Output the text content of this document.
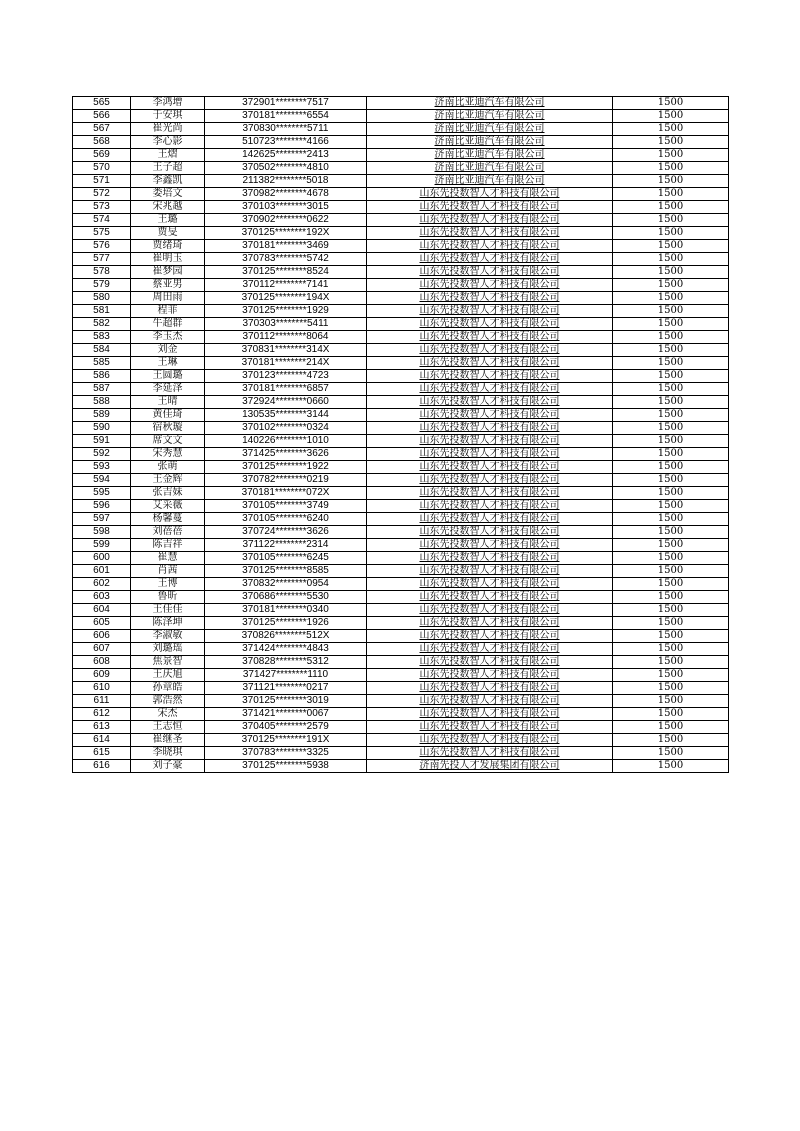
565	李鸿增	372901********7517	济南比亚迪汽车有限公司	1500
566	于安琪	370181********6554	济南比亚迪汽车有限公司	1500
567	崔光尚	370830********5711	济南比亚迪汽车有限公司	1500
568	李心影	510723********4166	济南比亚迪汽车有限公司	1500
569	王熠	142625********2413	济南比亚迪汽车有限公司	1500
570	王子超	370502********4810	济南比亚迪汽车有限公司	1500
571	李鑫凯	211382********5018	济南比亚迪汽车有限公司	1500
572	娄培文	370982********4678	山东先投数智人才科技有限公司	1500
573	宋兆越	370103********3015	山东先投数智人才科技有限公司	1500
574	王璐	370902********0622	山东先投数智人才科技有限公司	1500
575	贾旻	370125********192X	山东先投数智人才科技有限公司	1500
576	贾绪琦	370181********3469	山东先投数智人才科技有限公司	1500
577	崔明玉	370783********5742	山东先投数智人才科技有限公司	1500
578	崔梦园	370125********8524	山东先投数智人才科技有限公司	1500
579	蔡亚男	370112********7141	山东先投数智人才科技有限公司	1500
580	周田雨	370125********194X	山东先投数智人才科技有限公司	1500
581	程菲	370125********1929	山东先投数智人才科技有限公司	1500
582	牛超群	370303********5411	山东先投数智人才科技有限公司	1500
583	李玉杰	370112********8064	山东先投数智人才科技有限公司	1500
584	刘金	370831********314X	山东先投数智人才科技有限公司	1500
585	王琳	370181********214X	山东先投数智人才科技有限公司	1500
586	王圆璐	370123********4723	山东先投数智人才科技有限公司	1500
587	李延泽	370181********6857	山东先投数智人才科技有限公司	1500
588	王晴	372924********0660	山东先投数智人才科技有限公司	1500
589	黄佳琦	130535********3144	山东先投数智人才科技有限公司	1500
590	宿秋璇	370102********0324	山东先投数智人才科技有限公司	1500
591	席文文	140226********1010	山东先投数智人才科技有限公司	1500
592	宋秀慧	371425********3626	山东先投数智人才科技有限公司	1500
593	张萌	370125********1922	山东先投数智人才科技有限公司	1500
594	王金辉	370782********0219	山东先投数智人才科技有限公司	1500
595	张吉妹	370181********072X	山东先投数智人才科技有限公司	1500
596	艾采薇	370105********3749	山东先投数智人才科技有限公司	1500
597	杨馨蔓	370105********6240	山东先投数智人才科技有限公司	1500
598	刘蓓蓓	370724********3626	山东先投数智人才科技有限公司	1500
599	陈吉祥	371122********2314	山东先投数智人才科技有限公司	1500
600	崔慧	370105********6245	山东先投数智人才科技有限公司	1500
601	肖茜	370125********8585	山东先投数智人才科技有限公司	1500
602	王博	370832********0954	山东先投数智人才科技有限公司	1500
603	鲁昕	370686********5530	山东先投数智人才科技有限公司	1500
604	王佳佳	370181********0340	山东先投数智人才科技有限公司	1500
605	陈泽坤	370125********1926	山东先投数智人才科技有限公司	1500
606	李淑敏	370826********512X	山东先投数智人才科技有限公司	1500
607	刘璐瑶	371424********4843	山东先投数智人才科技有限公司	1500
608	焦景智	370828********5312	山东先投数智人才科技有限公司	1500
609	王庆旭	371427********1110	山东先投数智人才科技有限公司	1500
610	孙章皓	371121********0217	山东先投数智人才科技有限公司	1500
611	郭浩然	370125********3019	山东先投数智人才科技有限公司	1500
612	宋杰	371421********0067	山东先投数智人才科技有限公司	1500
613	王志恒	370405********2579	山东先投数智人才科技有限公司	1500
614	崔继圣	370125********191X	山东先投数智人才科技有限公司	1500
615	李晓琪	370783********3325	山东先投数智人才科技有限公司	1500
616	刘子豪	370125********5938	济南先投人才发展集团有限公司	1500
